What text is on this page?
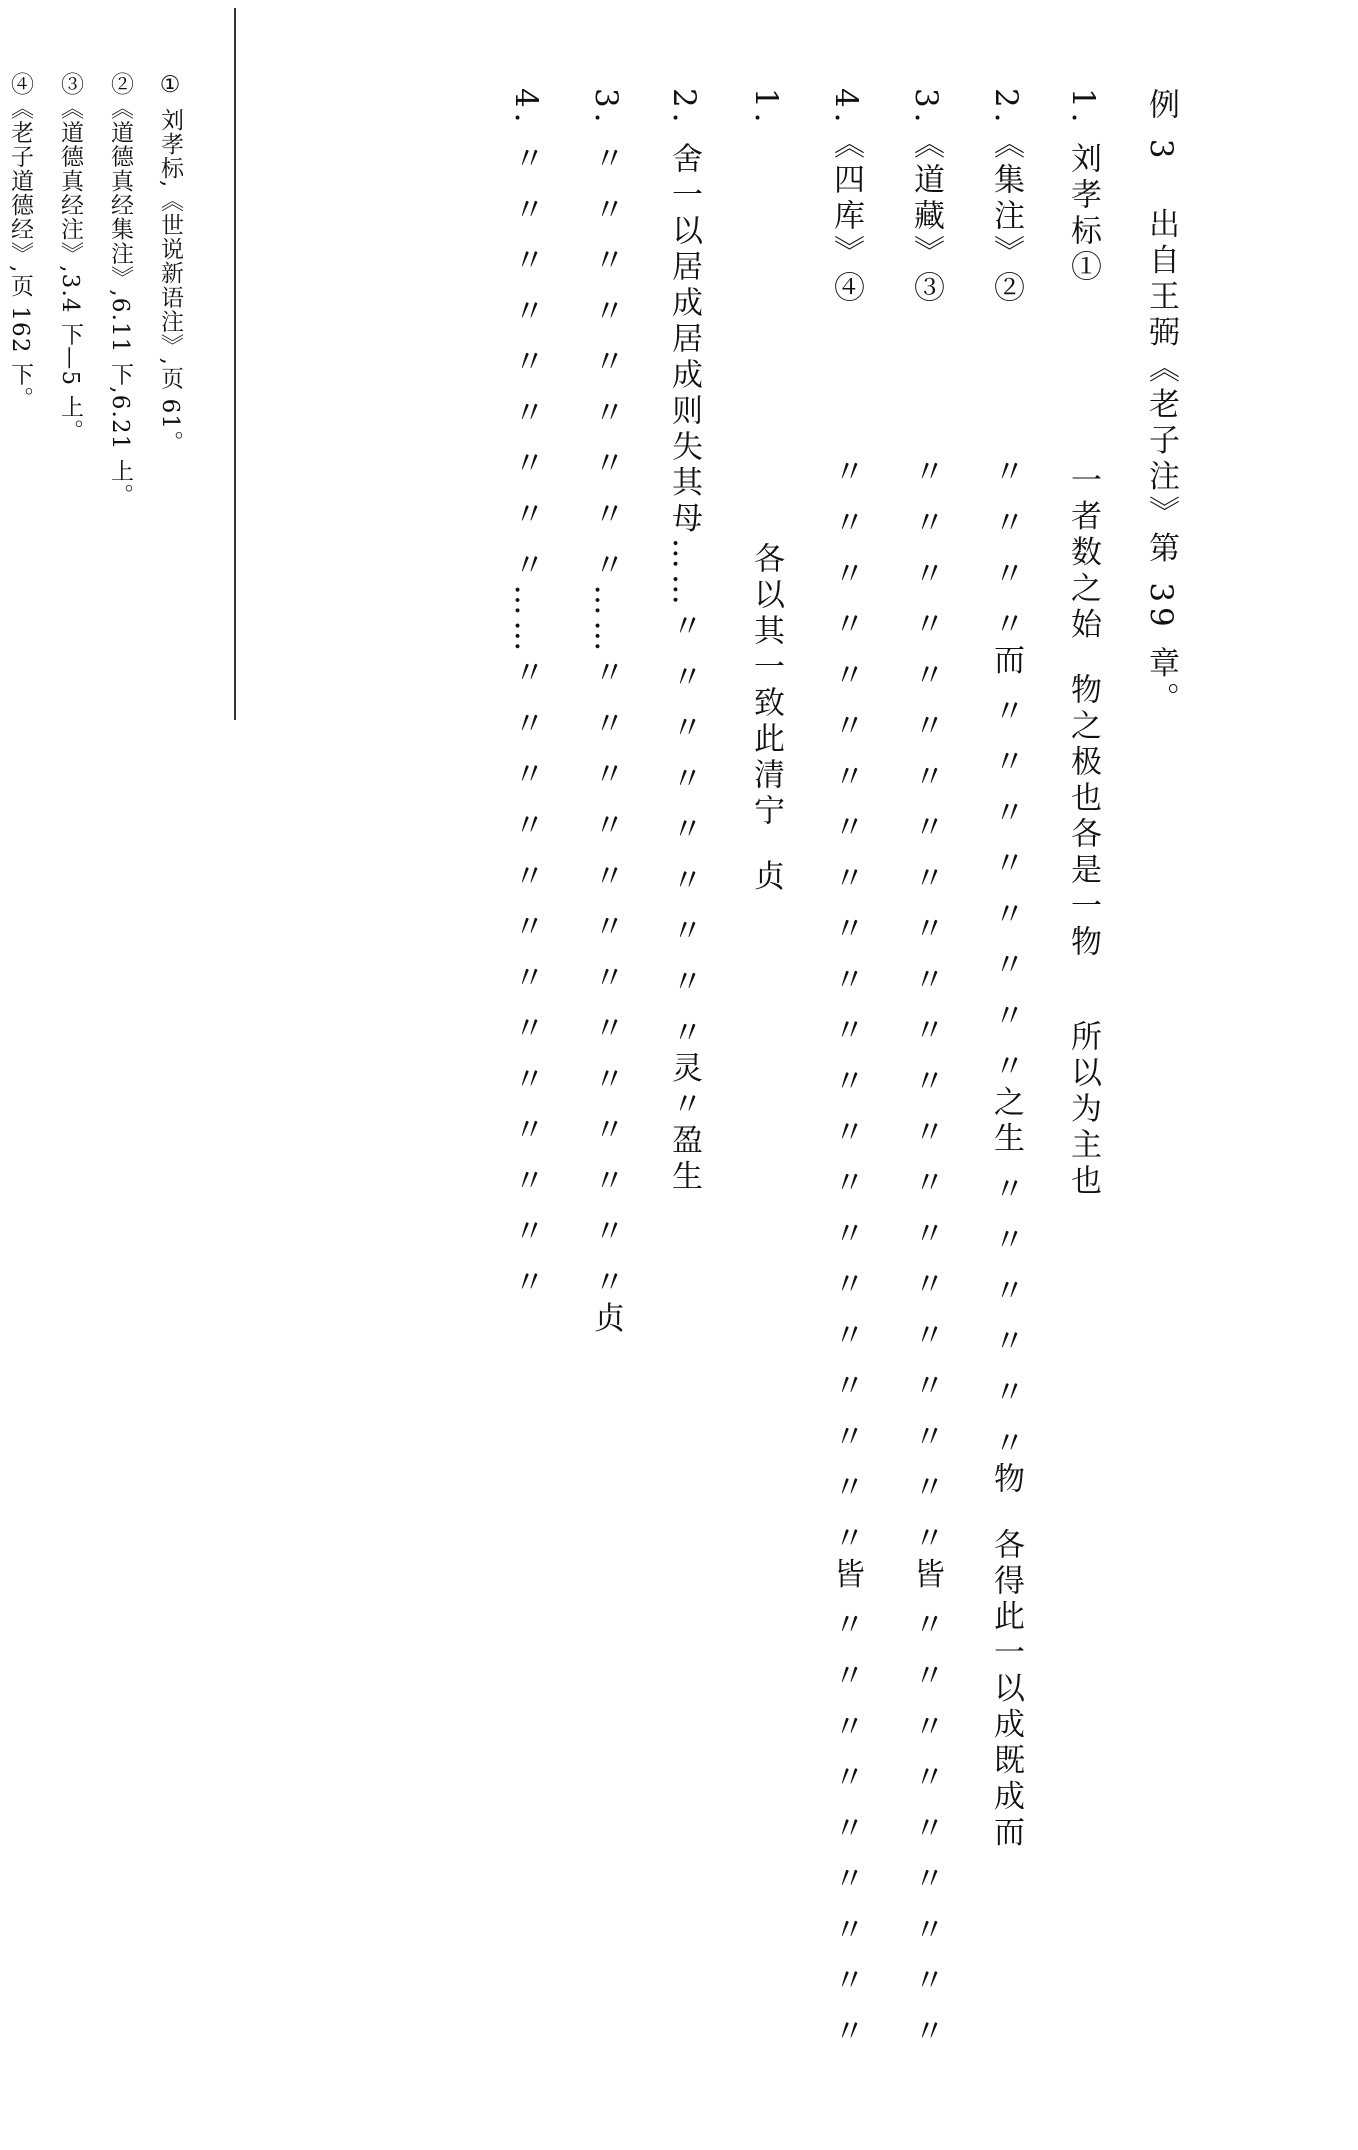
例 3   出自王弼《老子注》第 39 章。
1. 刘孝标①            一者数之始  物之极也各是一物    所以为主也
2.《集注》②          〃 〃 〃 〃而 〃 〃 〃 〃 〃 〃 〃 〃之生 〃 〃 〃 〃 〃 〃物  各得此一以成既成而
3.《道藏》③          〃 〃 〃 〃 〃 〃 〃 〃 〃 〃 〃 〃 〃 〃 〃 〃 〃 〃 〃 〃 〃 〃皆 〃 〃 〃 〃 〃 〃 〃 〃 〃
4.《四库》④          〃 〃 〃 〃 〃 〃 〃 〃 〃 〃 〃 〃 〃 〃 〃 〃 〃 〃 〃 〃 〃 〃皆 〃 〃 〃 〃 〃 〃 〃 〃 〃
1.                            各以其一致此清宁  贞
2. 舍一以居成居成则失其母……〃 〃 〃 〃 〃 〃 〃 〃 〃灵〃盈生
3. 〃 〃 〃 〃 〃 〃 〃 〃 〃……〃 〃 〃 〃 〃 〃 〃 〃 〃 〃 〃 〃 〃贞
4. 〃 〃 〃 〃 〃 〃 〃 〃 〃……〃 〃 〃 〃 〃 〃 〃 〃 〃 〃 〃 〃 〃
① 刘孝标,《世说新语注》,页 61。
②《道德真经集注》,6.11 下,6.21 上。
③《道德真经注》,3.4 下—5 上。
④《老子道德经》,页 162 下。
